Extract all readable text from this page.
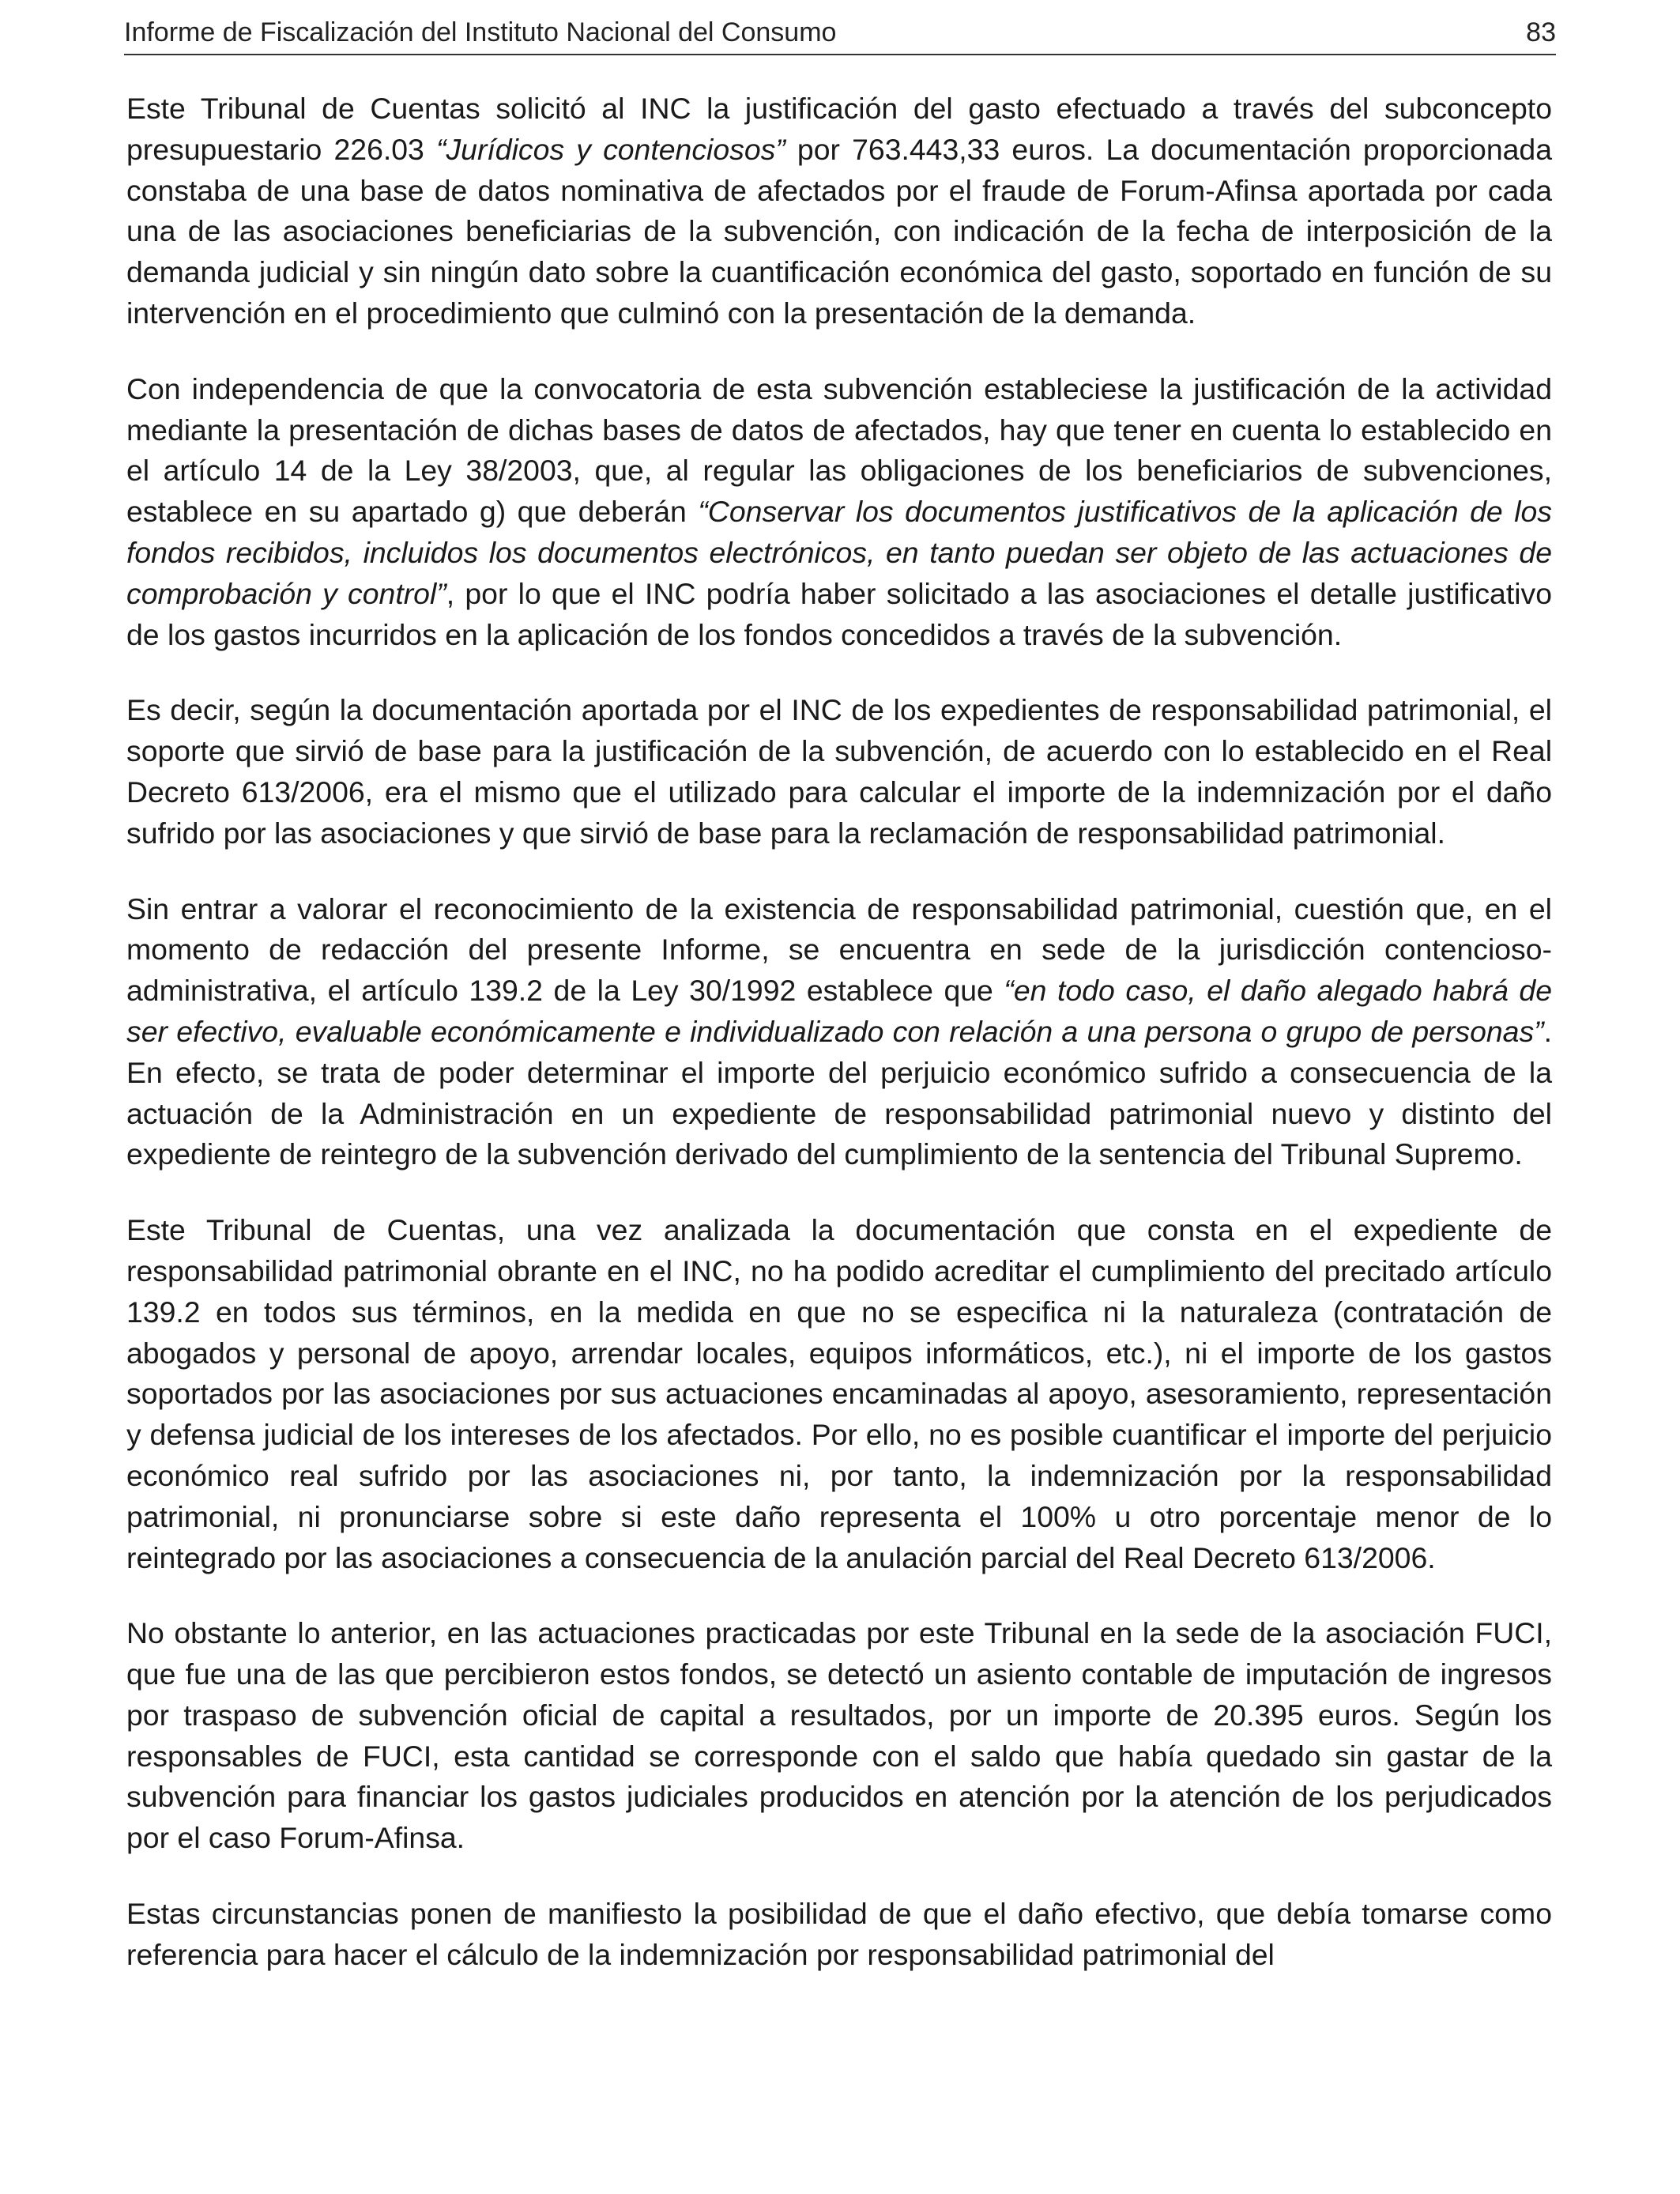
Informe de Fiscalización del Instituto Nacional del Consumo	83

Este Tribunal de Cuentas solicitó al INC la justificación del gasto efectuado a través del subconcepto presupuestario 226.03 “Jurídicos y contenciosos” por 763.443,33 euros. La documentación proporcionada constaba de una base de datos nominativa de afectados por el fraude de Forum-Afinsa aportada por cada una de las asociaciones beneficiarias de la subvención, con indicación de la fecha de interposición de la demanda judicial y sin ningún dato sobre la cuantificación económica del gasto, soportado en función de su intervención en el procedimiento que culminó con la presentación de la demanda.

Con independencia de que la convocatoria de esta subvención estableciese la justificación de la actividad mediante la presentación de dichas bases de datos de afectados, hay que tener en cuenta lo establecido en el artículo 14 de la Ley 38/2003, que, al regular las obligaciones de los beneficiarios de subvenciones, establece en su apartado g) que deberán “Conservar los documentos justificativos de la aplicación de los fondos recibidos, incluidos los documentos electrónicos, en tanto puedan ser objeto de las actuaciones de comprobación y control”, por lo que el INC podría haber solicitado a las asociaciones el detalle justificativo de los gastos incurridos en la aplicación de los fondos concedidos a través de la subvención.

Es decir, según la documentación aportada por el INC de los expedientes de responsabilidad patrimonial, el soporte que sirvió de base para la justificación de la subvención, de acuerdo con lo establecido en el Real Decreto 613/2006, era el mismo que el utilizado para calcular el importe de la indemnización por el daño sufrido por las asociaciones y que sirvió de base para la reclamación de responsabilidad patrimonial.

Sin entrar a valorar el reconocimiento de la existencia de responsabilidad patrimonial, cuestión que, en el momento de redacción del presente Informe, se encuentra en sede de la jurisdicción contencioso-administrativa, el artículo 139.2 de la Ley 30/1992 establece que “en todo caso, el daño alegado habrá de ser efectivo, evaluable económicamente e individualizado con relación a una persona o grupo de personas”. En efecto, se trata de poder determinar el importe del perjuicio económico sufrido a consecuencia de la actuación de la Administración en un expediente de responsabilidad patrimonial nuevo y distinto del expediente de reintegro de la subvención derivado del cumplimiento de la sentencia del Tribunal Supremo.

Este Tribunal de Cuentas, una vez analizada la documentación que consta en el expediente de responsabilidad patrimonial obrante en el INC, no ha podido acreditar el cumplimiento del precitado artículo 139.2 en todos sus términos, en la medida en que no se especifica ni la naturaleza (contratación de abogados y personal de apoyo, arrendar locales, equipos informáticos, etc.), ni el importe de los gastos soportados por las asociaciones por sus actuaciones encaminadas al apoyo, asesoramiento, representación y defensa judicial de los intereses de los afectados. Por ello, no es posible cuantificar el importe del perjuicio económico real sufrido por las asociaciones ni, por tanto, la indemnización por la responsabilidad patrimonial, ni pronunciarse sobre si este daño representa el 100% u otro porcentaje menor de lo reintegrado por las asociaciones a consecuencia de la anulación parcial del Real Decreto 613/2006.

No obstante lo anterior, en las actuaciones practicadas por este Tribunal en la sede de la asociación FUCI, que fue una de las que percibieron estos fondos, se detectó un asiento contable de imputación de ingresos por traspaso de subvención oficial de capital a resultados, por un importe de 20.395 euros. Según los responsables de FUCI, esta cantidad se corresponde con el saldo que había quedado sin gastar de la subvención para financiar los gastos judiciales producidos en atención por la atención de los perjudicados por el caso Forum-Afinsa.

Estas circunstancias ponen de manifiesto la posibilidad de que el daño efectivo, que debía tomarse como referencia para hacer el cálculo de la indemnización por responsabilidad patrimonial del
